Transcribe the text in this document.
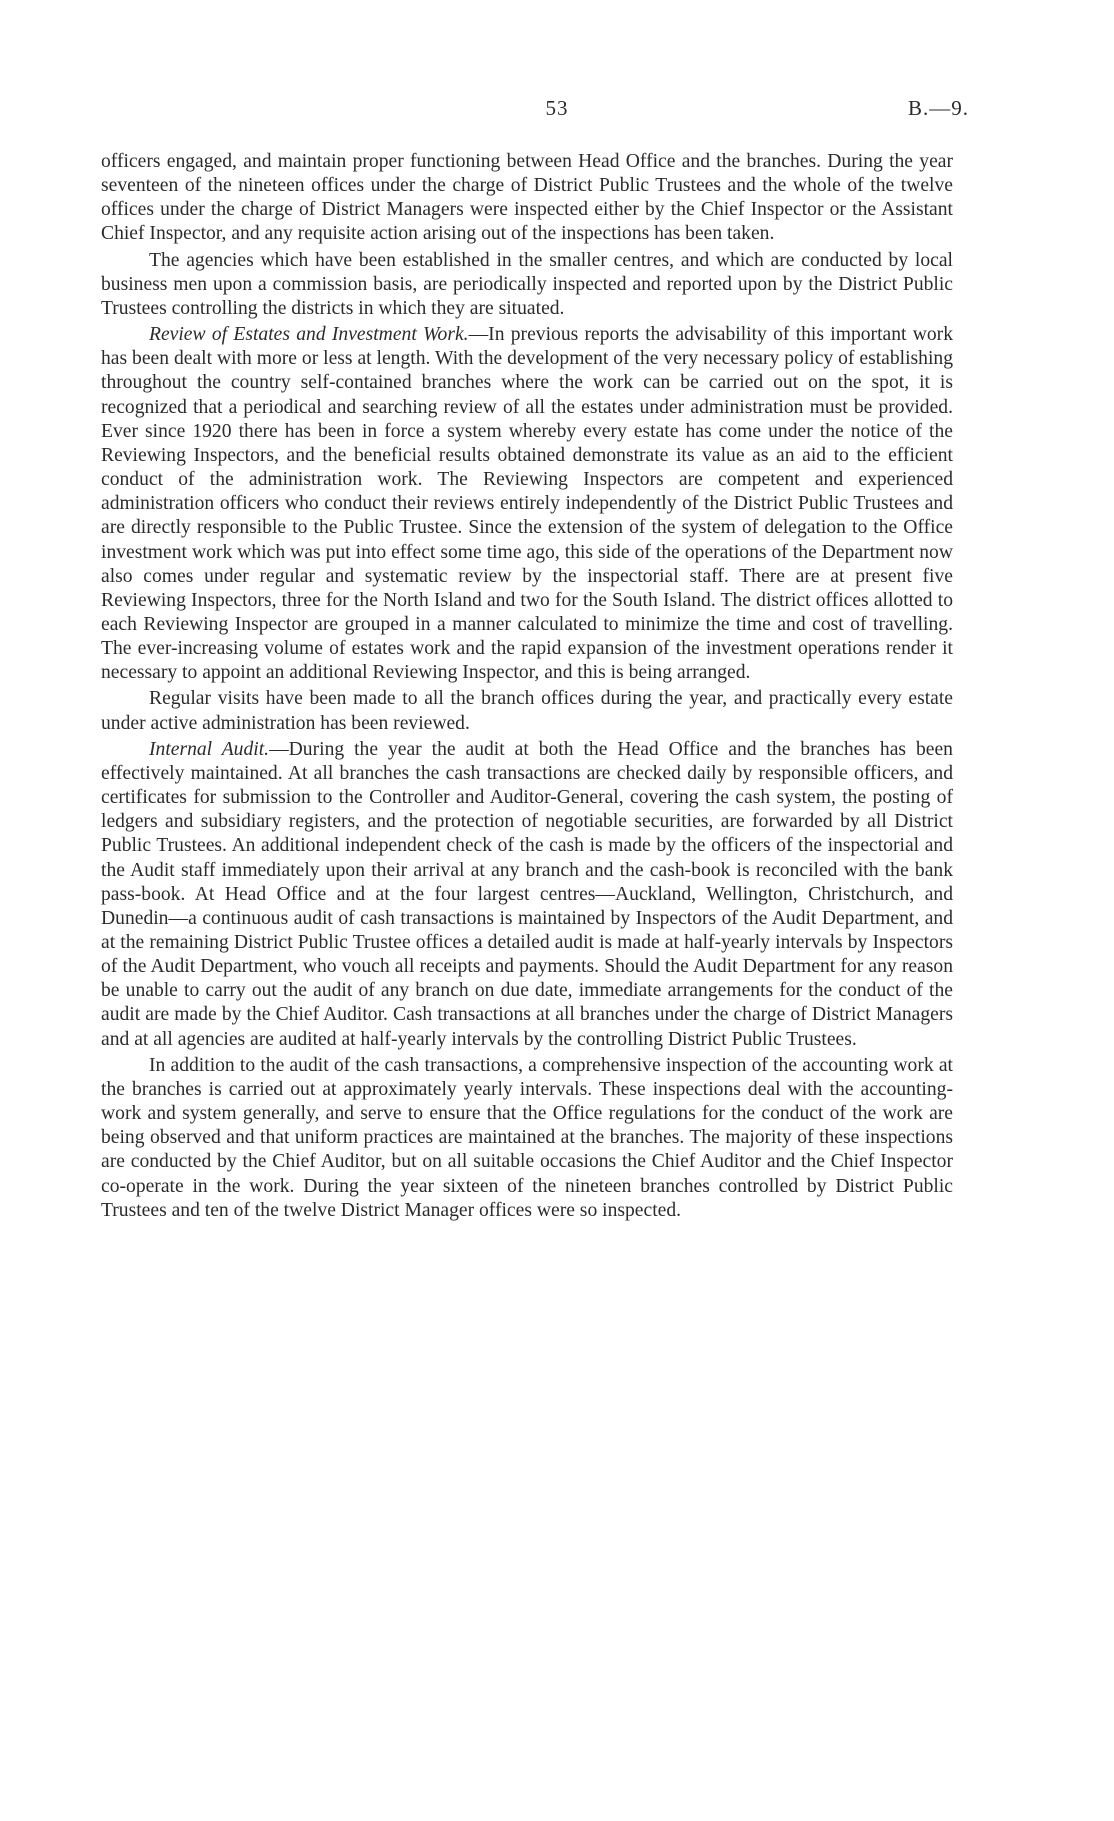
53	B.—9.

officers engaged, and maintain proper functioning between Head Office and the branches. During the year seventeen of the nineteen offices under the charge of District Public Trustees and the whole of the twelve offices under the charge of District Managers were inspected either by the Chief Inspector or the Assistant Chief Inspector, and any requisite action arising out of the inspections has been taken.

The agencies which have been established in the smaller centres, and which are conducted by local business men upon a commission basis, are periodically inspected and reported upon by the District Public Trustees controlling the districts in which they are situated.

Review of Estates and Investment Work.—In previous reports the advisability of this important work has been dealt with more or less at length. With the development of the very necessary policy of establishing throughout the country self-contained branches where the work can be carried out on the spot, it is recognized that a periodical and searching review of all the estates under administration must be provided. Ever since 1920 there has been in force a system whereby every estate has come under the notice of the Reviewing Inspectors, and the beneficial results obtained demonstrate its value as an aid to the efficient conduct of the administration work. The Reviewing Inspectors are competent and experienced administration officers who conduct their reviews entirely independently of the District Public Trustees and are directly responsible to the Public Trustee. Since the extension of the system of delegation to the Office investment work which was put into effect some time ago, this side of the operations of the Department now also comes under regular and systematic review by the inspectorial staff. There are at present five Reviewing Inspectors, three for the North Island and two for the South Island. The district offices allotted to each Reviewing Inspector are grouped in a manner calculated to minimize the time and cost of travelling. The ever-increasing volume of estates work and the rapid expansion of the investment operations render it necessary to appoint an additional Reviewing Inspector, and this is being arranged.

Regular visits have been made to all the branch offices during the year, and practically every estate under active administration has been reviewed.

Internal Audit.—During the year the audit at both the Head Office and the branches has been effectively maintained. At all branches the cash transactions are checked daily by responsible officers, and certificates for submission to the Controller and Auditor-General, covering the cash system, the posting of ledgers and subsidiary registers, and the protection of negotiable securities, are forwarded by all District Public Trustees. An additional independent check of the cash is made by the officers of the inspectorial and the Audit staff immediately upon their arrival at any branch and the cash-book is reconciled with the bank pass-book. At Head Office and at the four largest centres—Auckland, Wellington, Christchurch, and Dunedin—a continuous audit of cash transactions is maintained by Inspectors of the Audit Department, and at the remaining District Public Trustee offices a detailed audit is made at half-yearly intervals by Inspectors of the Audit Department, who vouch all receipts and payments. Should the Audit Department for any reason be unable to carry out the audit of any branch on due date, immediate arrangements for the conduct of the audit are made by the Chief Auditor. Cash transactions at all branches under the charge of District Managers and at all agencies are audited at half-yearly intervals by the controlling District Public Trustees.

In addition to the audit of the cash transactions, a comprehensive inspection of the accounting work at the branches is carried out at approximately yearly intervals. These inspections deal with the accounting-work and system generally, and serve to ensure that the Office regulations for the conduct of the work are being observed and that uniform practices are maintained at the branches. The majority of these inspections are conducted by the Chief Auditor, but on all suitable occasions the Chief Auditor and the Chief Inspector co-operate in the work. During the year sixteen of the nineteen branches controlled by District Public Trustees and ten of the twelve District Manager offices were so inspected.
